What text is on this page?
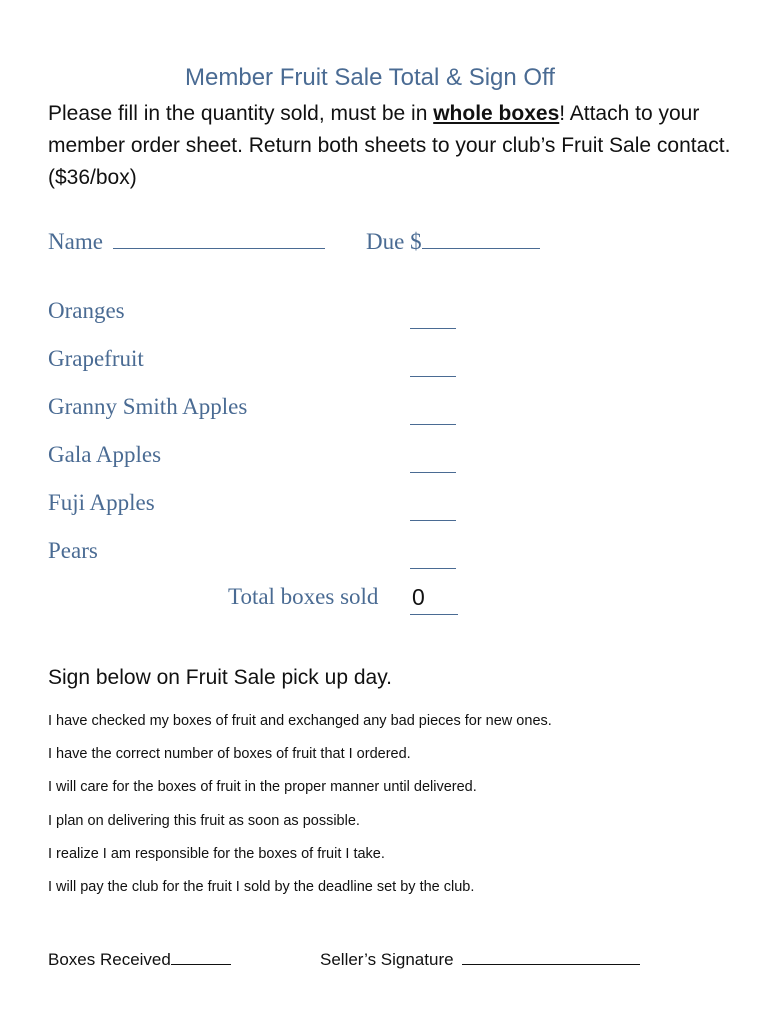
Member Fruit Sale Total & Sign Off
Please fill in the quantity sold, must be in whole boxes! Attach to your member order sheet. Return both sheets to your club’s Fruit Sale contact. ($36/box)
Name	Due $
Oranges
Grapefruit
Granny Smith Apples
Gala Apples
Fuji Apples
Pears
Total boxes sold 0
Sign below on Fruit Sale pick up day.
I have checked my boxes of fruit and exchanged any bad pieces for new ones.
I have the correct number of boxes of fruit that I ordered.
I will care for the boxes of fruit in the proper manner until delivered.
I plan on delivering this fruit as soon as possible.
I realize I am responsible for the boxes of fruit I take.
I will pay the club for the fruit I sold by the deadline set by the club.
Boxes Received	Seller’s Signature
